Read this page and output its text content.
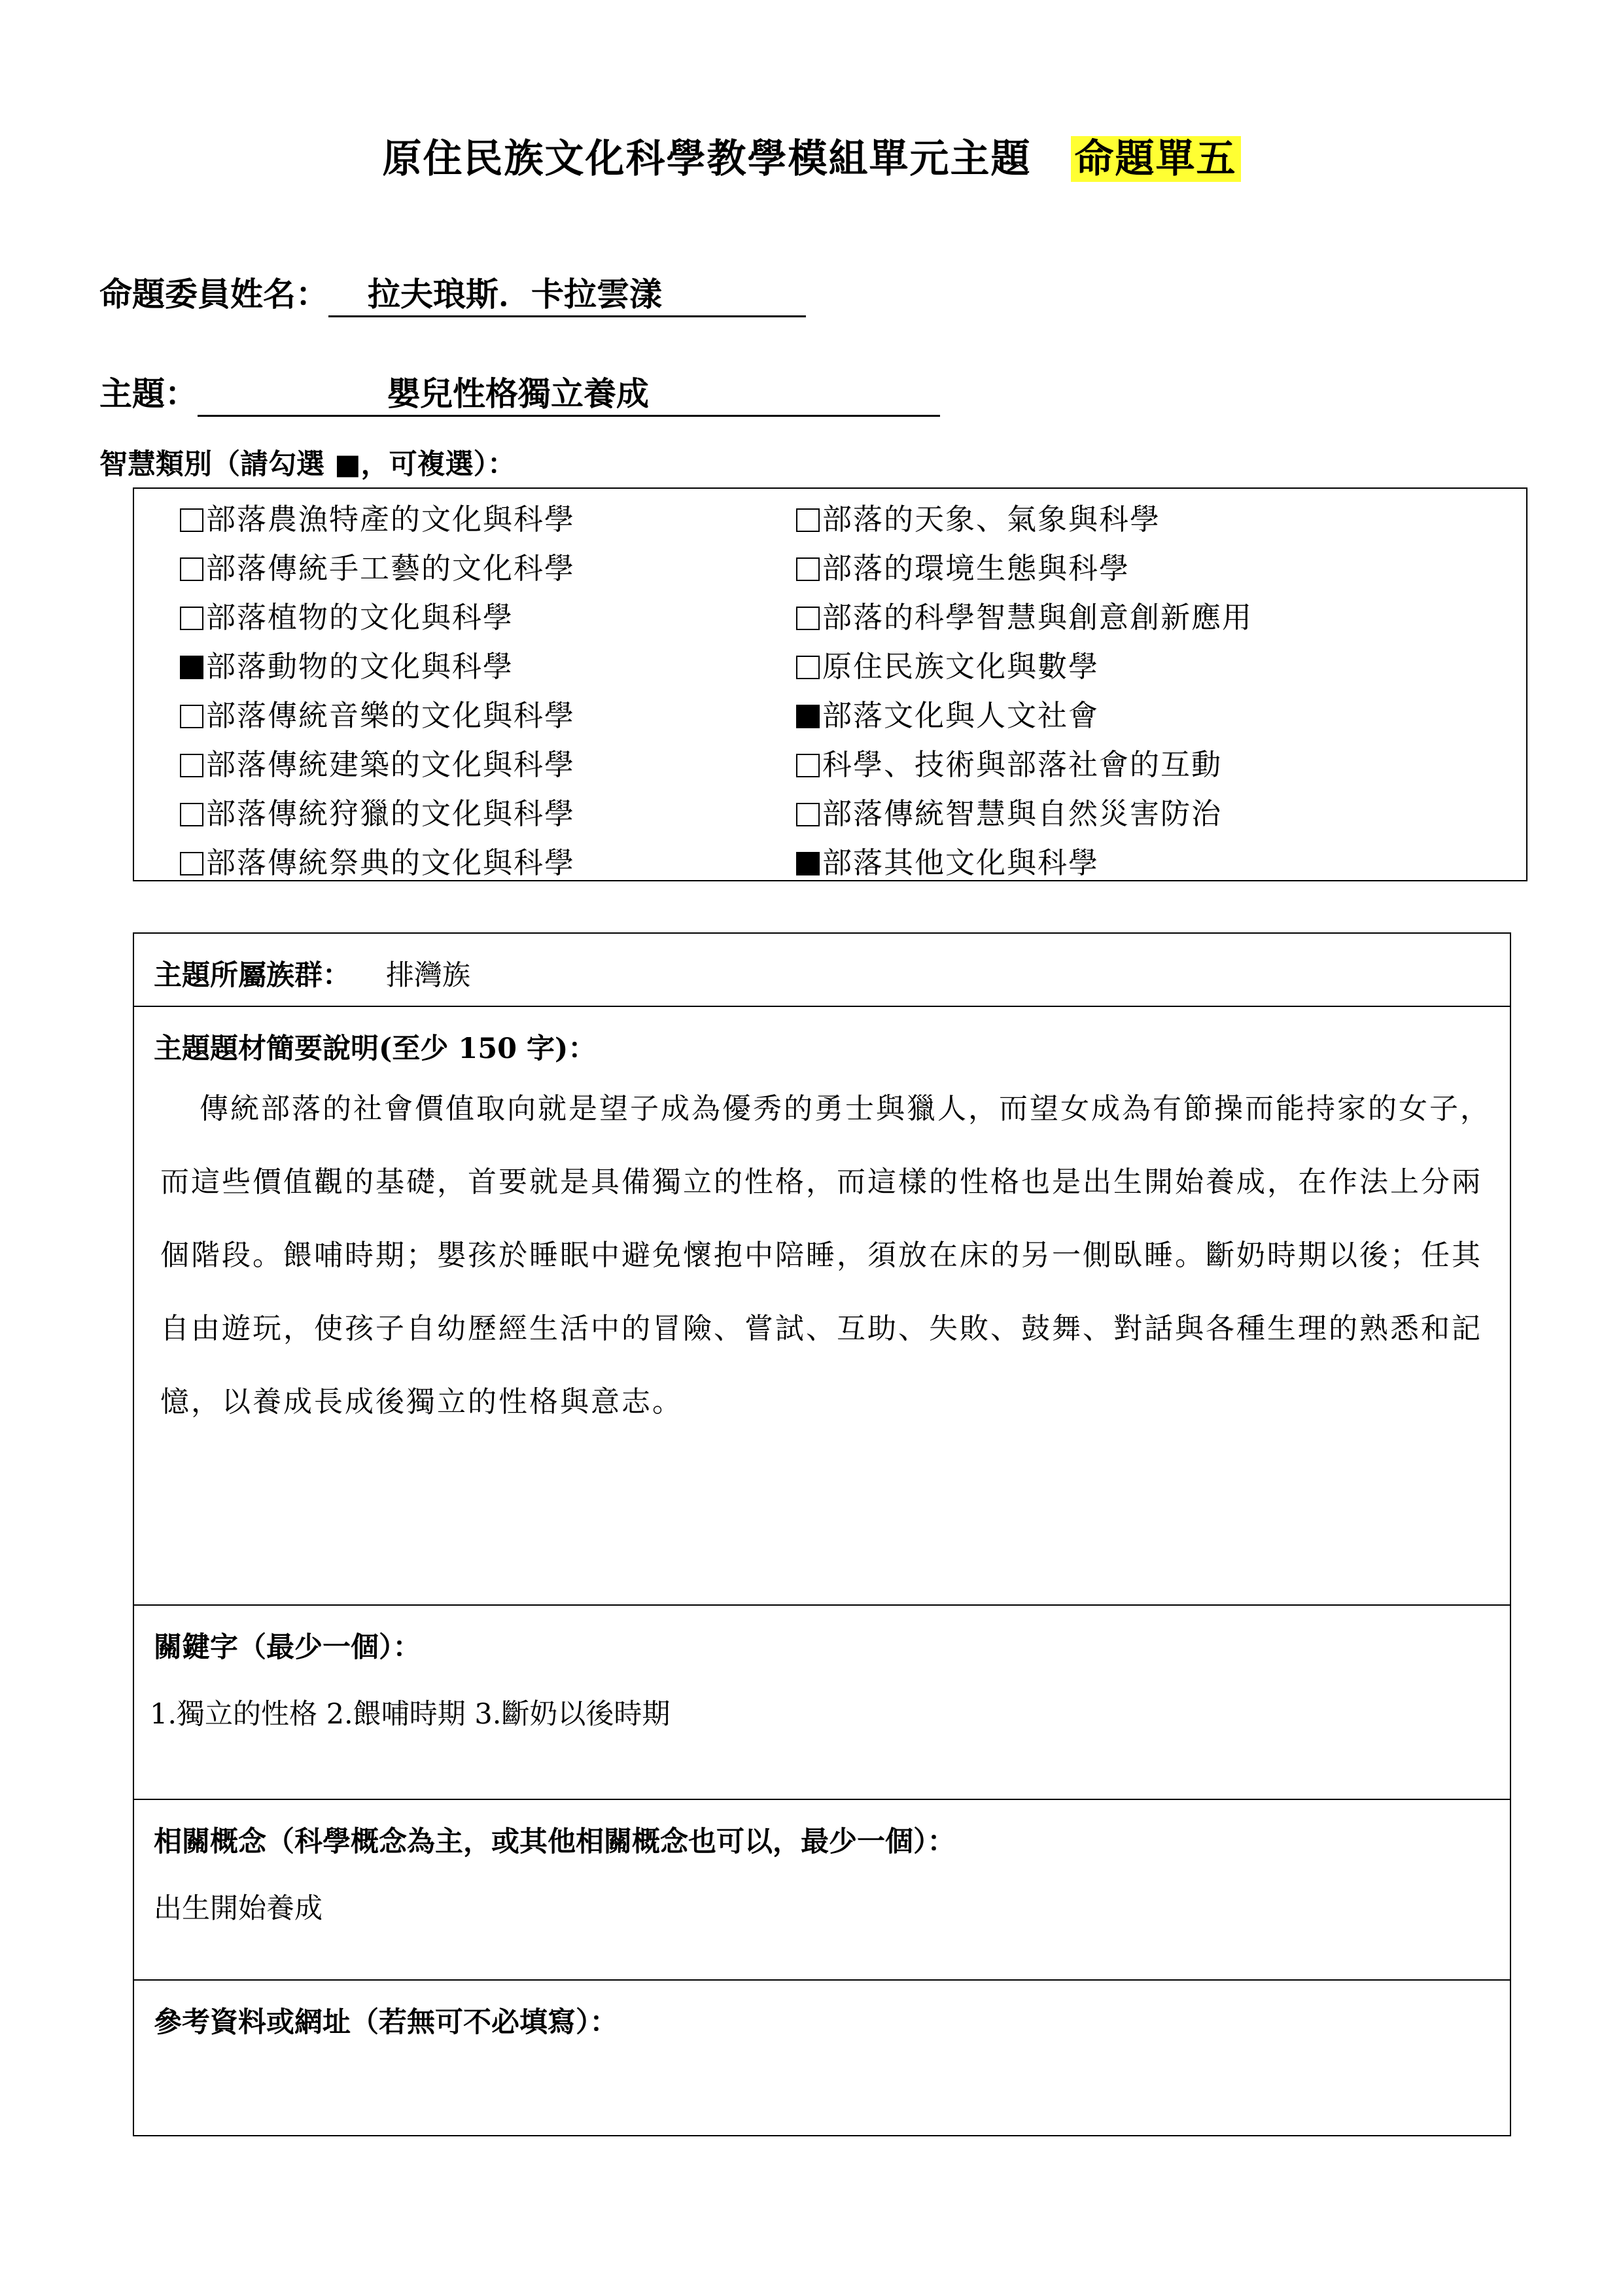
原住民族文化科學教學模組單元主題 命題單五
命題委員姓名： 拉夫琅斯．卡拉雲漾
主題：	嬰兒性格獨立養成
智慧類別（請勾選 ■，可複選）：
部落農漁特產的文化與科學
部落傳統手工藝的文化科學
部落植物的文化與科學
部落動物的文化與科學
部落傳統音樂的文化與科學
部落傳統建築的文化與科學
部落傳統狩獵的文化與科學
部落傳統祭典的文化與科學
部落的天象、氣象與科學
部落的環境生態與科學
部落的科學智慧與創意創新應用
原住民族文化與數學
部落文化與人文社會
科學、技術與部落社會的互動
部落傳統智慧與自然災害防治
部落其他文化與科學
主題所屬族群： 排灣族
主題題材簡要說明(至少 150 字)：
傳統部落的社會價值取向就是望子成為優秀的勇士與獵人，而望女成為有節操而能持家的女子，而這些價值觀的基礎，首要就是具備獨立的性格，而這樣的性格也是出生開始養成，在作法上分兩個階段。餵哺時期；嬰孩於睡眠中避免懷抱中陪睡，須放在床的另一側臥睡。斷奶時期以後；任其自由遊玩，使孩子自幼歷經生活中的冒險、嘗試、互助、失敗、鼓舞、對話與各種生理的熟悉和記憶，以養成長成後獨立的性格與意志。
關鍵字（最少一個）：
1.獨立的性格 2.餵哺時期 3.斷奶以後時期
相關概念（科學概念為主，或其他相關概念也可以，最少一個）：
出生開始養成
參考資料或網址（若無可不必填寫）：
